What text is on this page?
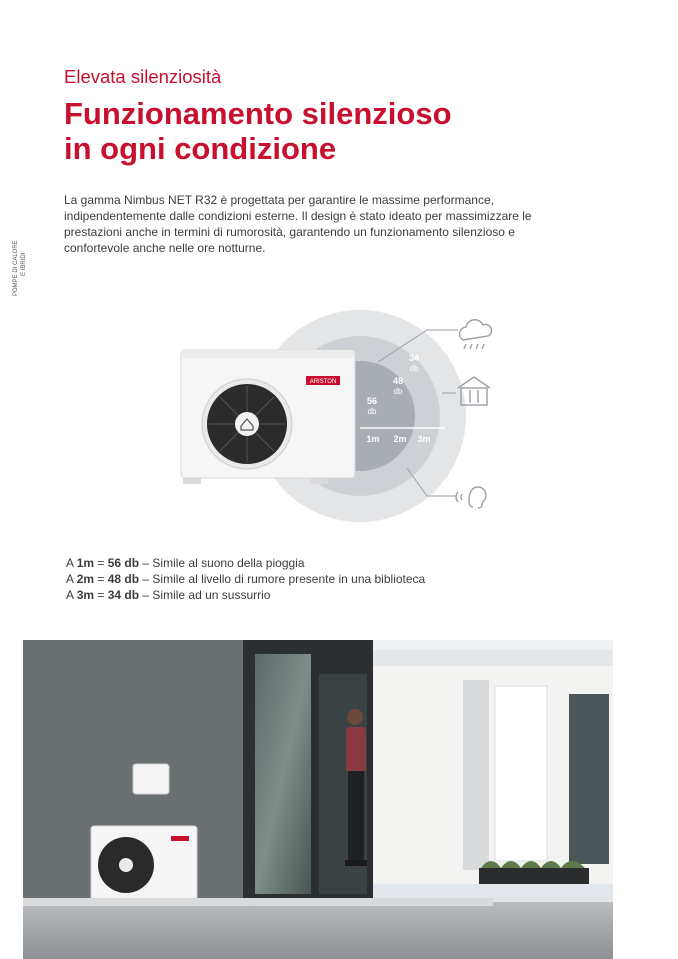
POMPE DI CALORE E IBRIDI
Elevata silenziosità
Funzionamento silenzioso
in ogni condizione
La gamma Nimbus NET R32 è progettata per garantire le massime performance, indipendentemente dalle condizioni esterne. Il design è stato ideato per massimizzare le prestazioni anche in termini di rumorosità, garantendo un funzionamento silenzioso e confortevole anche nelle ore notturne.
56
db
48
db
34
db
1m 2m 3m
ARISTON
A 1m = 56 db – Simile al suono della pioggia
A 2m = 48 db – Simile al livello di rumore presente in una biblioteca
A 3m = 34 db – Simile ad un sussurrio
